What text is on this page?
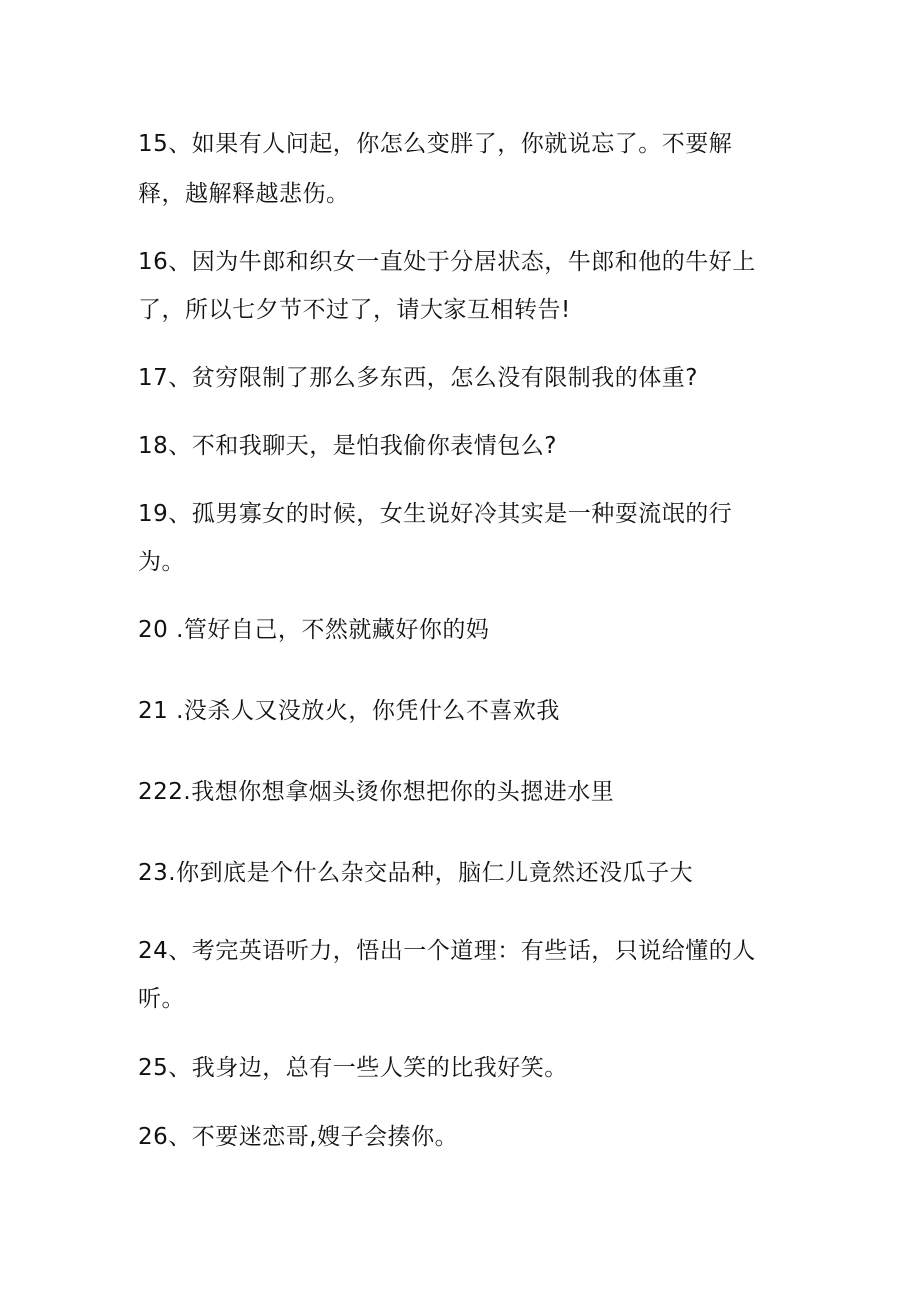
15、如果有人问起，你怎么变胖了，你就说忘了。不要解
释，越解释越悲伤。
16、因为牛郎和织女一直处于分居状态，牛郎和他的牛好上
了，所以七夕节不过了，请大家互相转告!
17、贫穷限制了那么多东西，怎么没有限制我的体重?
18、不和我聊天，是怕我偷你表情包么?
19、孤男寡女的时候，女生说好冷其实是一种耍流氓的行
为。
20 .管好自己，不然就藏好你的妈
21 .没杀人又没放火，你凭什么不喜欢我
222.我想你想拿烟头烫你想把你的头摁进水里
23.你到底是个什么杂交品种，脑仁儿竟然还没瓜子大
24、考完英语听力，悟出一个道理：有些话，只说给懂的人
听。
25、我身边，总有一些人笑的比我好笑。
26、不要迷恋哥,嫂子会揍你。
